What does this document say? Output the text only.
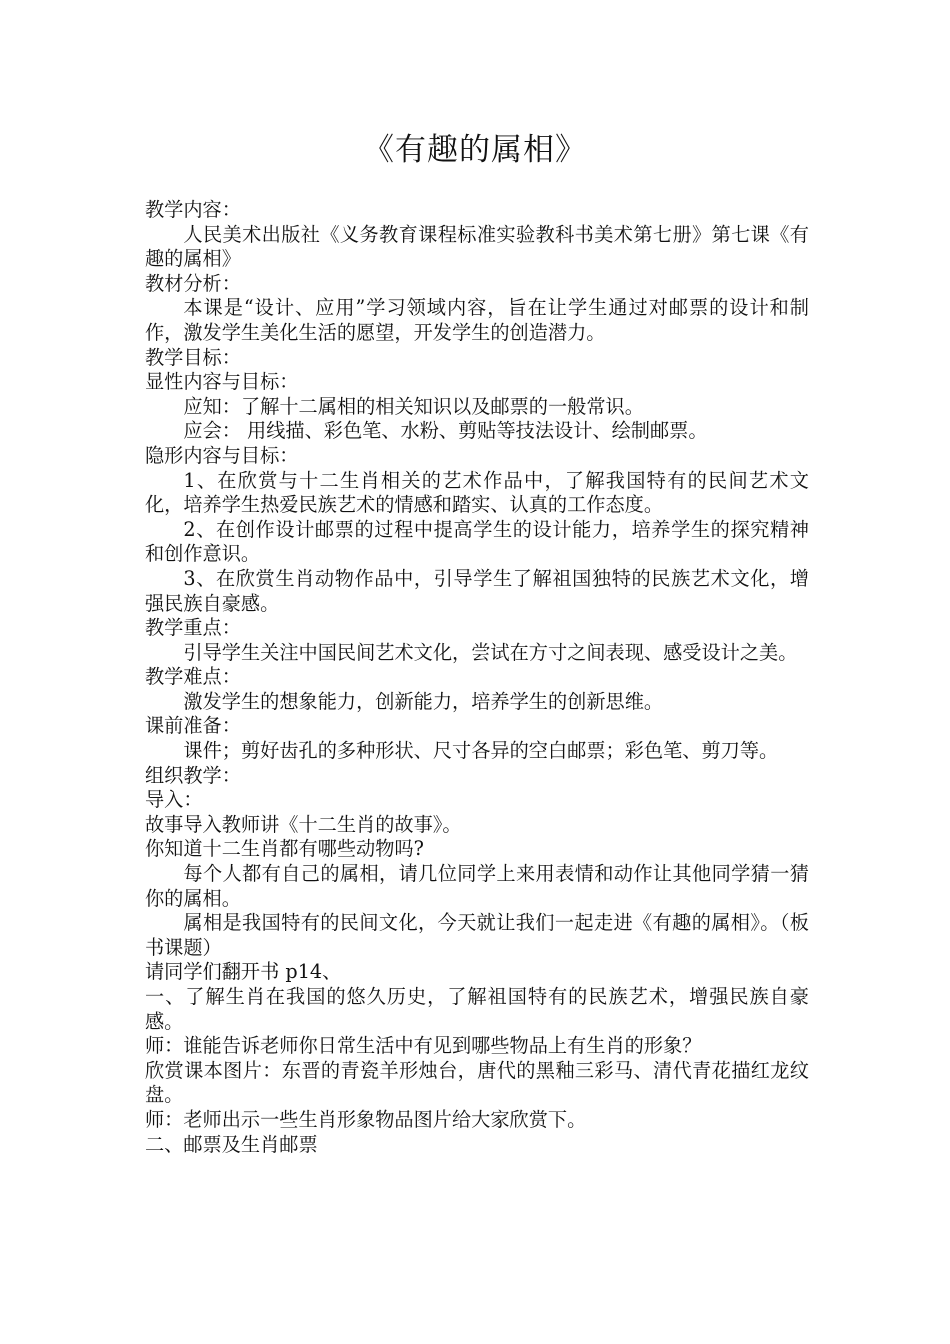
《有趣的属相》

教学内容：

人民美术出版社《义务教育课程标准实验教科书美术第七册》第七课《有趣的属相》

教材分析：

本课是“设计、应用”学习领域内容，旨在让学生通过对邮票的设计和制作，激发学生美化生活的愿望，开发学生的创造潜力。

教学目标：

显性内容与目标：

应知：了解十二属相的相关知识以及邮票的一般常识。

应会： 用线描、彩色笔、水粉、剪贴等技法设计、绘制邮票。

隐形内容与目标：

1、在欣赏与十二生肖相关的艺术作品中，了解我国特有的民间艺术文化，培养学生热爱民族艺术的情感和踏实、认真的工作态度。

2、在创作设计邮票的过程中提高学生的设计能力，培养学生的探究精神和创作意识。

3、在欣赏生肖动物作品中，引导学生了解祖国独特的民族艺术文化，增强民族自豪感。

教学重点：

引导学生关注中国民间艺术文化，尝试在方寸之间表现、感受设计之美。

教学难点：

激发学生的想象能力，创新能力，培养学生的创新思维。

课前准备：

课件；剪好齿孔的多种形状、尺寸各异的空白邮票；彩色笔、剪刀等。

组织教学：

导入：

故事导入教师讲《十二生肖的故事》。

你知道十二生肖都有哪些动物吗?

每个人都有自己的属相，请几位同学上来用表情和动作让其他同学猜一猜你的属相。

属相是我国特有的民间文化，今天就让我们一起走进《有趣的属相》。（板书课题）

请同学们翻开书 p14、

一、了解生肖在我国的悠久历史，了解祖国特有的民族艺术，增强民族自豪感。

师：谁能告诉老师你日常生活中有见到哪些物品上有生肖的形象？

欣赏课本图片：东晋的青瓷羊形烛台，唐代的黑釉三彩马、清代青花描红龙纹盘。

师：老师出示一些生肖形象物品图片给大家欣赏下。

二、邮票及生肖邮票
